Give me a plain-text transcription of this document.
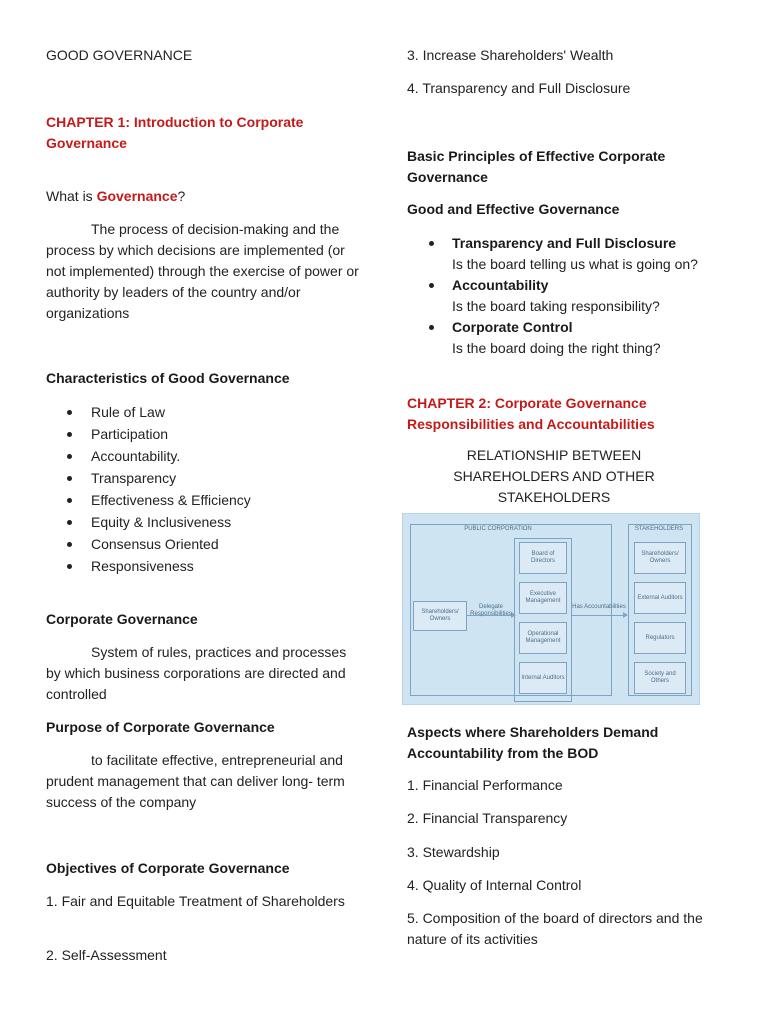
GOOD GOVERNANCE
CHAPTER 1: Introduction to Corporate Governance
What is Governance?
The process of decision-making and the process by which decisions are implemented (or not implemented) through the exercise of power or authority by leaders of the country and/or organizations
Characteristics of Good Governance
Rule of Law
Participation
Accountability.
Transparency
Effectiveness & Efficiency
Equity & Inclusiveness
Consensus Oriented
Responsiveness
Corporate Governance
System of rules, practices and processes by which business corporations are directed and controlled
Purpose of Corporate Governance
to facilitate effective, entrepreneurial and prudent management that can deliver long- term success of the company
Objectives of Corporate Governance
1. Fair and Equitable Treatment of Shareholders
2. Self-Assessment
3. Increase Shareholders' Wealth
4. Transparency and Full Disclosure
Basic Principles of Effective Corporate Governance
Good and Effective Governance
Transparency and Full Disclosure
Is the board telling us what is going on?
Accountability
Is the board taking responsibility?
Corporate Control
Is the board doing the right thing?
CHAPTER 2: Corporate Governance Responsibilities and Accountabilities
RELATIONSHIP BETWEEN SHAREHOLDERS AND OTHER STAKEHOLDERS
PUBLIC CORPORATION	STAKEHOLDERS
Shareholders/ Owners
Delegate Responsibilities
Board of Directors
Executive Management
Operational Management
Internal Auditors
Has Accountabilities
Shareholders/ Owners
External Auditors
Regulators
Society and Others
Aspects where Shareholders Demand Accountability from the BOD
1. Financial Performance
2. Financial Transparency
3. Stewardship
4. Quality of Internal Control
5. Composition of the board of directors and the nature of its activities
